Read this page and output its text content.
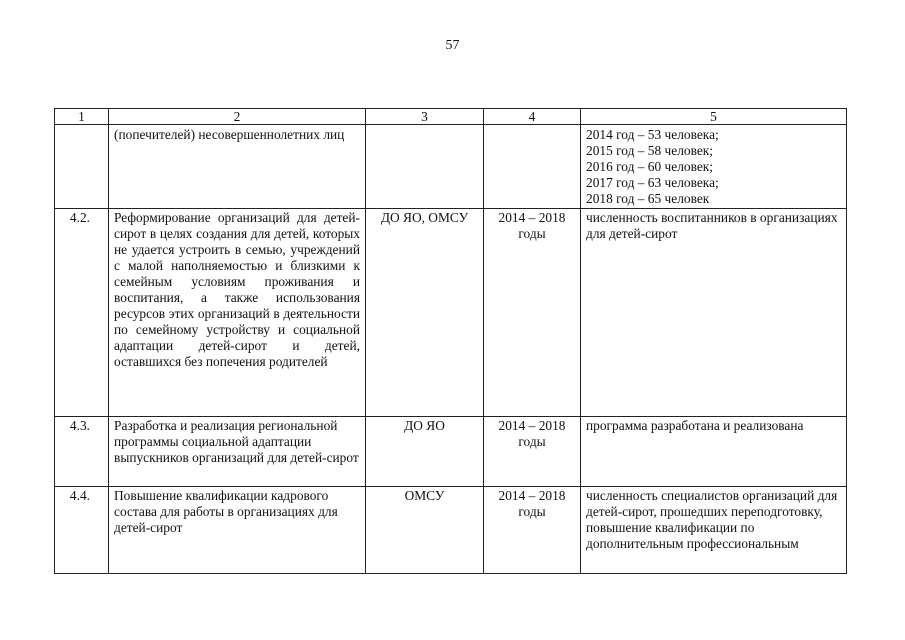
57
1	2	3	4	5
	(попечителей) несовершеннолетних лиц			2014 год – 53 человека;
2015 год – 58 человек;
2016 год – 60 человек;
2017 год – 63 человека;
2018 год – 65 человек

4.2.	Реформирование организаций для детей-сирот в целях создания для детей, которых не удается устроить в семью, учреждений с малой наполняемостью и близкими к семейным условиям проживания и воспитания, а также использования ресурсов этих организаций в деятельности по семейному устройству и социальной адаптации детей-сирот и детей, оставшихся без попечения родителей	ДО ЯО, ОМСУ	2014 – 2018 годы	численность воспитанников в организациях для детей-сирот
4.3.	Разработка и реализация региональной программы социальной адаптации выпускников организаций для детей-сирот	ДО ЯО	2014 – 2018 годы	программа разработана и реализована
4.4.	Повышение квалификации кадрового состава для работы в организациях для детей-сирот	ОМСУ	2014 – 2018 годы	численность специалистов организаций для детей-сирот, прошедших переподготовку, повышение квалификации по дополнительным профессиональным
